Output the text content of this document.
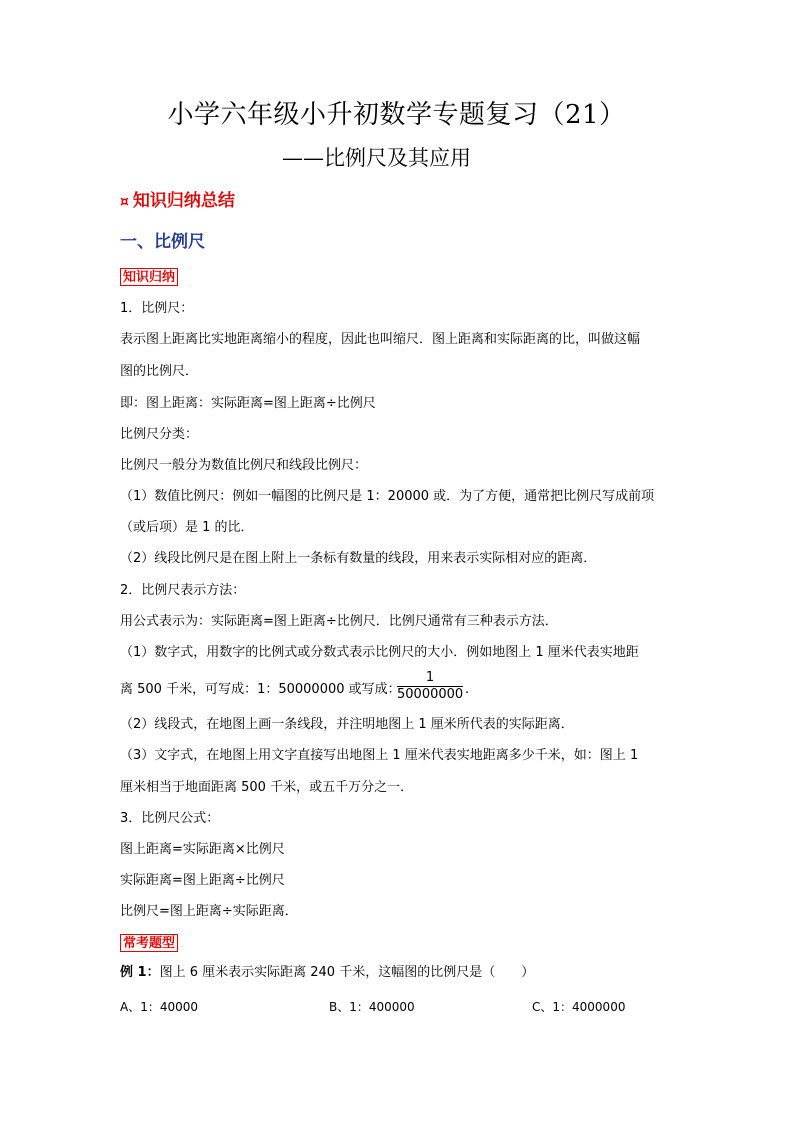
小学六年级小升初数学专题复习（21）
——比例尺及其应用
¤ 知识归纳总结
一、比例尺
知识归纳
1．比例尺：
表示图上距离比实地距离缩小的程度，因此也叫缩尺．图上距离和实际距离的比，叫做这幅
图的比例尺．
即：图上距离：实际距离=图上距离÷比例尺
比例尺分类：
比例尺一般分为数值比例尺和线段比例尺：
（1）数值比例尺：例如一幅图的比例尺是 1：20000 或．为了方便，通常把比例尺写成前项
（或后项）是 1 的比．
（2）线段比例尺是在图上附上一条标有数量的线段，用来表示实际相对应的距离．
2．比例尺表示方法：
用公式表示为：实际距离=图上距离÷比例尺．比例尺通常有三种表示方法．
（1）数字式，用数字的比例式或分数式表示比例尺的大小．例如地图上 1 厘米代表实地距
离 500 千米，可写成：1：50000000 或写成：
1
50000000 .
（2）线段式，在地图上画一条线段，并注明地图上 1 厘米所代表的实际距离．
（3）文字式，在地图上用文字直接写出地图上 1 厘米代表实地距离多少千米，如：图上 1
厘米相当于地面距离 500 千米，或五千万分之一．
3．比例尺公式：
图上距离=实际距离×比例尺
实际距离=图上距离÷比例尺
比例尺=图上距离÷实际距离．
常考题型
例 1：图上 6 厘米表示实际距离 240 千米，这幅图的比例尺是（　　）
A、1：40000	B、1：400000	C、1：4000000
